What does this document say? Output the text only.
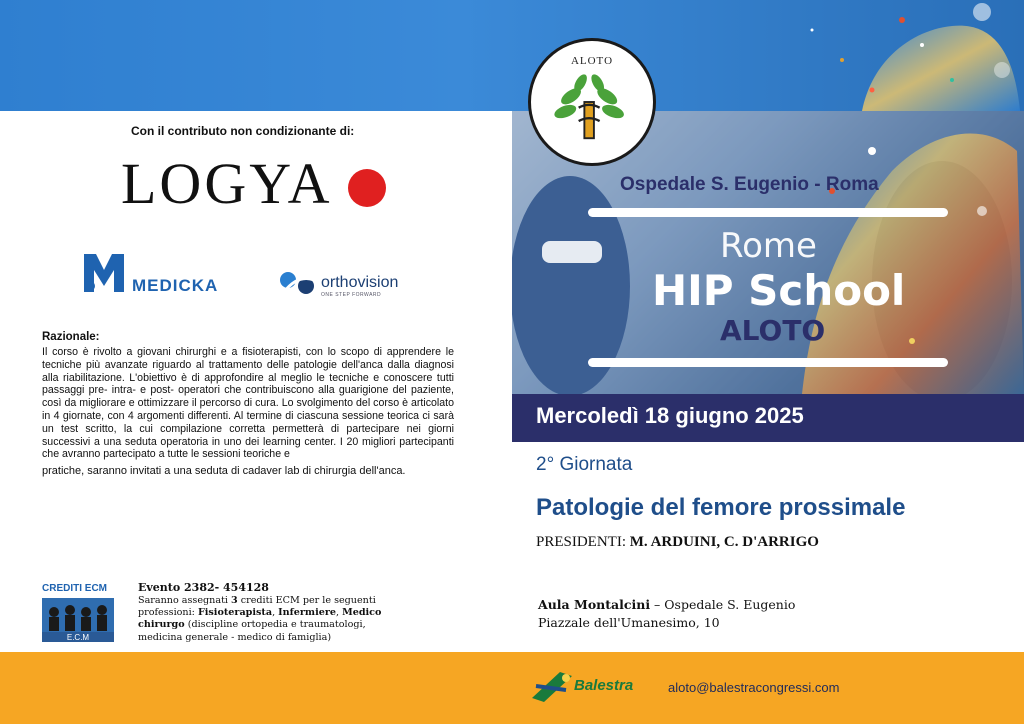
ALOTO
Ospedale S. Eugenio - Roma
Rome
HIP School
ALOTO
Mercoledì 18 giugno 2025
2° Giornata
Patologie del femore prossimale
PRESIDENTI: M. ARDUINI, C. D'ARRIGO
Aula Montalcini – Ospedale S. Eugenio
Piazzale dell'Umanesimo, 10
Con il contributo non condizionante di:
LOGYA
MEDICKA	orthovision
ONE STEP FORWARD
Razionale:
Il corso è rivolto a giovani chirurghi e a fisioterapisti, con lo scopo di apprendere le tecniche più avanzate riguardo al trattamento delle patologie dell'anca dalla diagnosi alla riabilitazione. L'obiettivo è di approfondire al meglio le tecniche e conoscere tutti passaggi pre- intra- e post- operatori che contribuiscono alla guarigione del paziente, così da migliorare e ottimizzare il percorso di cura. Lo svolgimento del corso è articolato in 4 giornate, con 4 argomenti differenti. Al termine di ciascuna sessione teorica ci sarà un test scritto, la cui compilazione corretta permetterà di partecipare nei giorni successivi a una seduta operatoria in uno dei learning center. I 20 migliori partecipanti che avranno partecipato a tutte le sessioni teoriche e
pratiche, saranno invitati a una seduta di cadaver lab di chirurgia dell'anca.
CREDITI ECM
E.C.M
Evento 2382- 454128
Saranno assegnati 3 crediti ECM per le seguenti
professioni: Fisioterapista, Infermiere, Medico chirurgo (discipline ortopedia e traumatologi, medicina generale - medico di famiglia)
Balestra	aloto@balestracongressi.com
